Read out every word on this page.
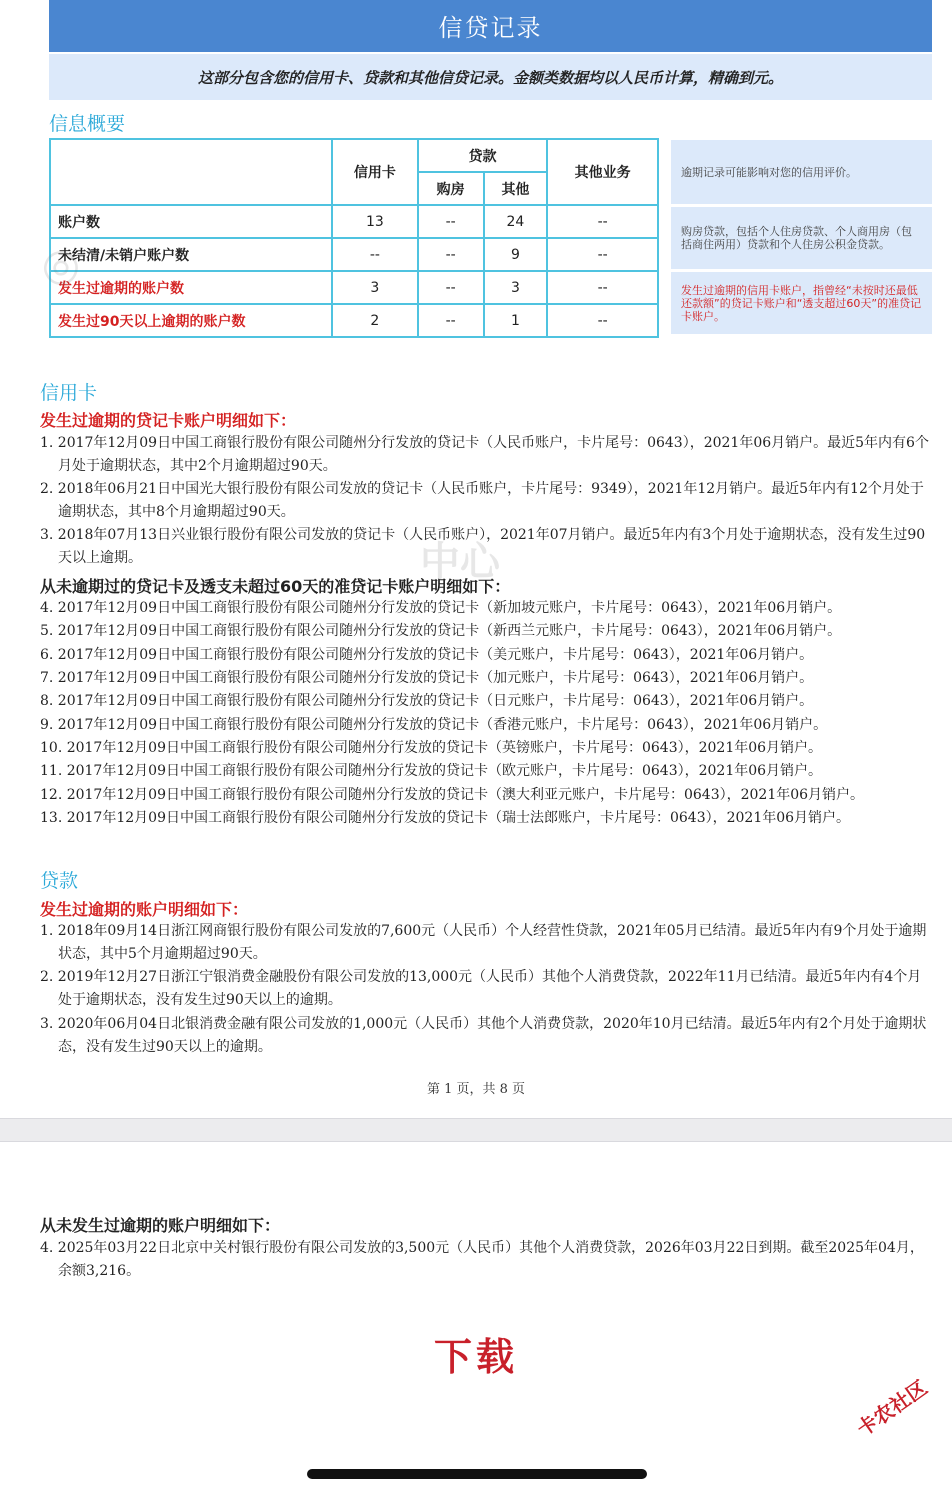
信贷记录
这部分包含您的信用卡、贷款和其他信贷记录。金额类数据均以人民币计算，精确到元。
信息概要
	信用卡	贷款		其他业务
		购房	其他	
账户数	13	--	24	--
未结清/未销户账户数	--	--	9	--
发生过逾期的账户数	3	--	3	--
发生过90天以上逾期的账户数	2	--	1	--
逾期记录可能影响对您的信用评价。
购房贷款，包括个人住房贷款、个人商用房（包括商住两用）贷款和个人住房公积金贷款。
发生过逾期的信用卡账户，指曾经“未按时还最低还款额”的贷记卡账户和“透支超过60天”的准贷记卡账户。
信用卡
发生过逾期的贷记卡账户明细如下：
1. 2017年12月09日中国工商银行股份有限公司随州分行发放的贷记卡（人民币账户，卡片尾号：0643），2021年06月销户。最近5年内有6个月处于逾期状态，其中2个月逾期超过90天。
2. 2018年06月21日中国光大银行股份有限公司发放的贷记卡（人民币账户，卡片尾号：9349），2021年12月销户。最近5年内有12个月处于逾期状态，其中8个月逾期超过90天。
3. 2018年07月13日兴业银行股份有限公司发放的贷记卡（人民币账户），2021年07月销户。最近5年内有3个月处于逾期状态，没有发生过90天以上逾期。
从未逾期过的贷记卡及透支未超过60天的准贷记卡账户明细如下：
4. 2017年12月09日中国工商银行股份有限公司随州分行发放的贷记卡（新加坡元账户，卡片尾号：0643），2021年06月销户。
5. 2017年12月09日中国工商银行股份有限公司随州分行发放的贷记卡（新西兰元账户，卡片尾号：0643），2021年06月销户。
6. 2017年12月09日中国工商银行股份有限公司随州分行发放的贷记卡（美元账户，卡片尾号：0643），2021年06月销户。
7. 2017年12月09日中国工商银行股份有限公司随州分行发放的贷记卡（加元账户，卡片尾号：0643），2021年06月销户。
8. 2017年12月09日中国工商银行股份有限公司随州分行发放的贷记卡（日元账户，卡片尾号：0643），2021年06月销户。
9. 2017年12月09日中国工商银行股份有限公司随州分行发放的贷记卡（香港元账户，卡片尾号：0643），2021年06月销户。
10. 2017年12月09日中国工商银行股份有限公司随州分行发放的贷记卡（英镑账户，卡片尾号：0643），2021年06月销户。
11. 2017年12月09日中国工商银行股份有限公司随州分行发放的贷记卡（欧元账户，卡片尾号：0643），2021年06月销户。
12. 2017年12月09日中国工商银行股份有限公司随州分行发放的贷记卡（澳大利亚元账户，卡片尾号：0643），2021年06月销户。
13. 2017年12月09日中国工商银行股份有限公司随州分行发放的贷记卡（瑞士法郎账户，卡片尾号：0643），2021年06月销户。
贷款
发生过逾期的账户明细如下：
1. 2018年09月14日浙江网商银行股份有限公司发放的7,600元（人民币）个人经营性贷款，2021年05月已结清。最近5年内有9个月处于逾期状态，其中5个月逾期超过90天。
2. 2019年12月27日浙江宁银消费金融股份有限公司发放的13,000元（人民币）其他个人消费贷款，2022年11月已结清。最近5年内有4个月处于逾期状态，没有发生过90天以上的逾期。
3. 2020年06月04日北银消费金融有限公司发放的1,000元（人民币）其他个人消费贷款，2020年10月已结清。最近5年内有2个月处于逾期状态，没有发生过90天以上的逾期。
第 1 页，共 8 页
◎
中心
从未发生过逾期的账户明细如下：
4. 2025年03月22日北京中关村银行股份有限公司发放的3,500元（人民币）其他个人消费贷款，2026年03月22日到期。截至2025年04月，余额3,216。
下载
卡农社区
